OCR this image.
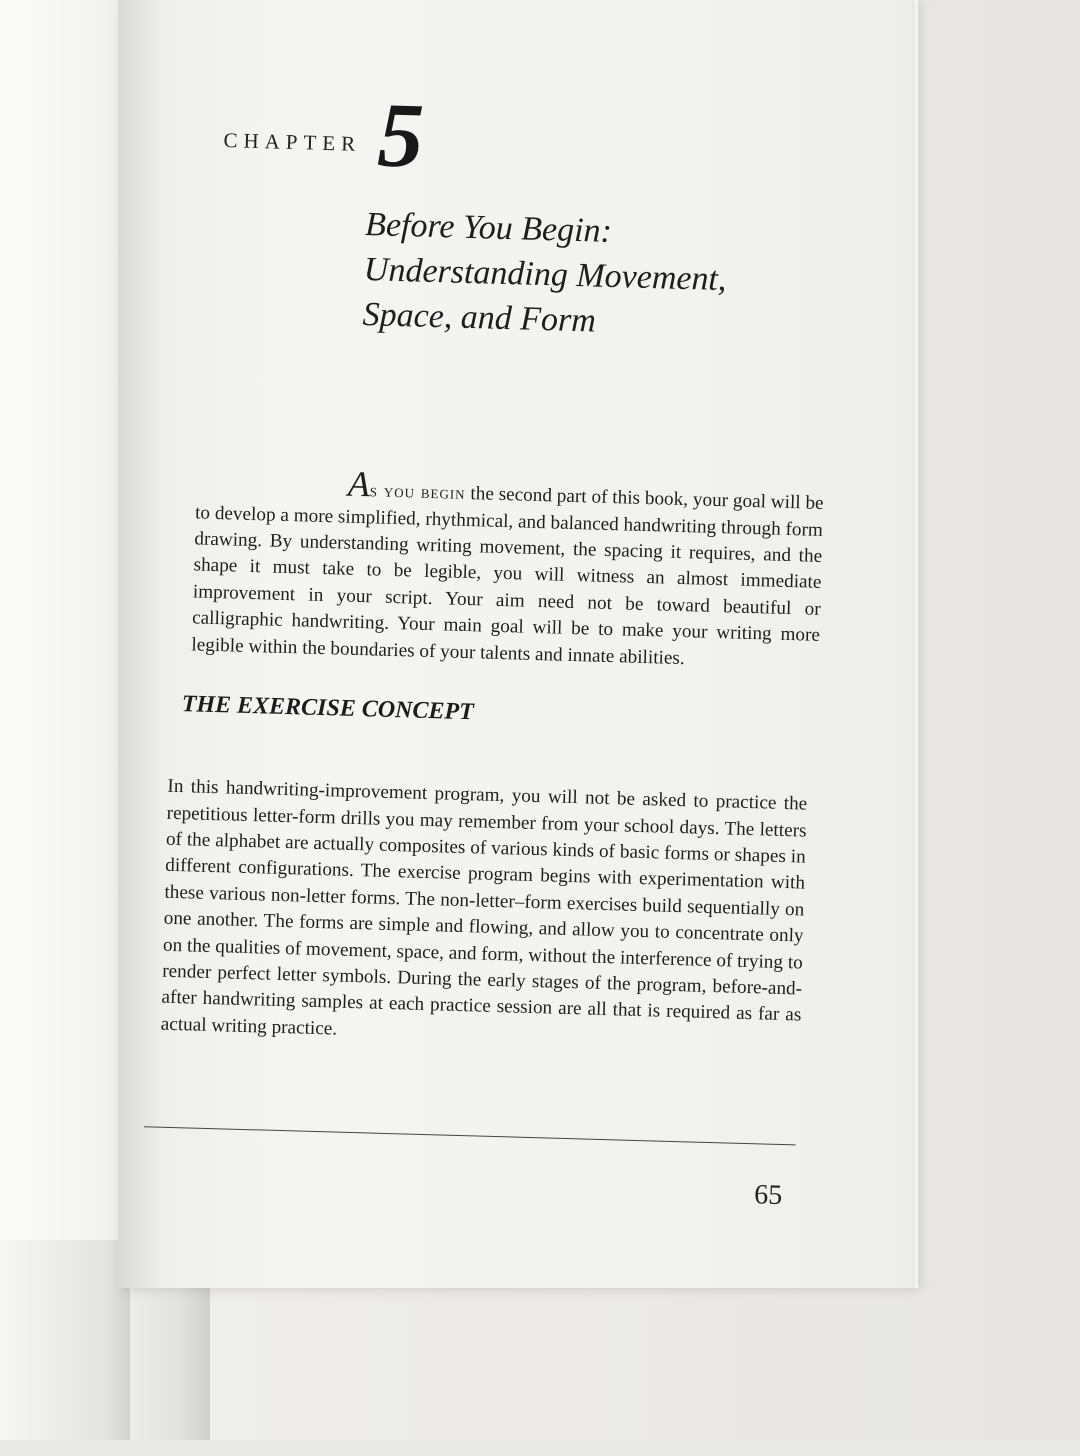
CHAPTER 5
Before You Begin:
Understanding Movement,
Space, and Form

As you begin the second part of this book, your goal will be to develop a more simplified, rhythmical, and balanced handwriting through form drawing. By understanding writing movement, the spacing it requires, and the shape it must take to be legible, you will witness an almost immediate improvement in your script. Your aim need not be toward beautiful or calligraphic handwriting. Your main goal will be to make your writing more legible within the boundaries of your talents and innate abilities.

THE EXERCISE CONCEPT

In this handwriting-improvement program, you will not be asked to practice the repetitious letter-form drills you may remember from your school days. The letters of the alphabet are actually composites of various kinds of basic forms or shapes in different configurations. The exercise program begins with experimentation with these various non-letter forms. The non-letter–form exercises build sequentially on one another. The forms are simple and flowing, and allow you to concentrate only on the qualities of movement, space, and form, without the interference of trying to render perfect letter symbols. During the early stages of the program, before-and-after handwriting samples at each practice session are all that is required as far as actual writing practice.

65
